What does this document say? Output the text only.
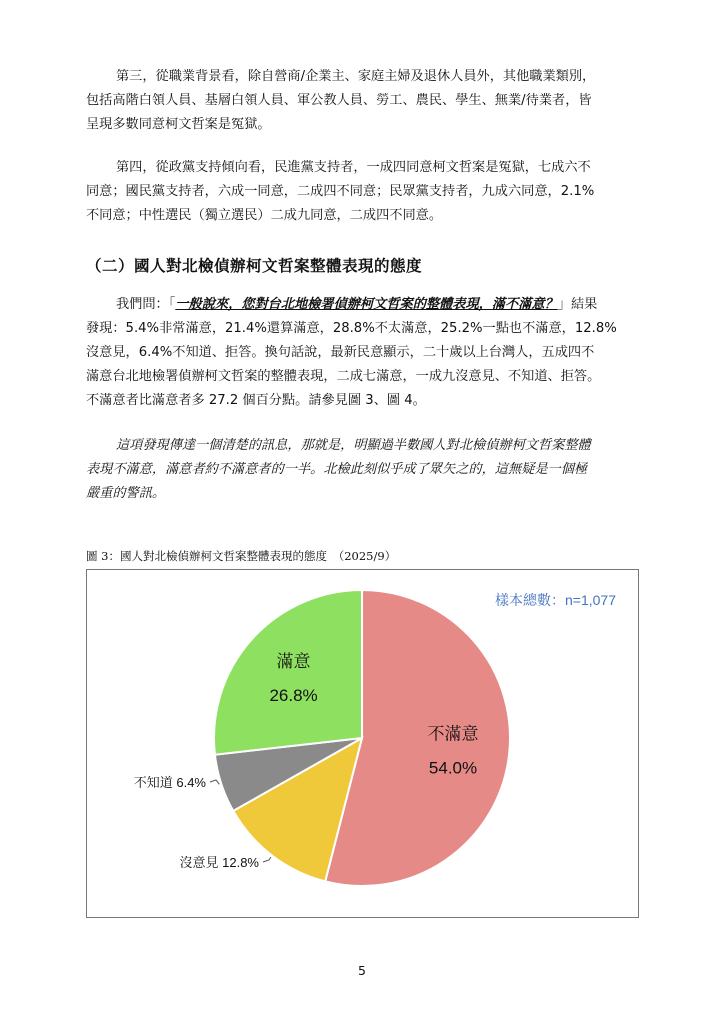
第三，從職業背景看，除自營商/企業主、家庭主婦及退休人員外，其他職業類別，
包括高階白領人員、基層白領人員、軍公教人員、勞工、農民、學生、無業/待業者，皆
呈現多數同意柯文哲案是冤獄。
第四，從政黨支持傾向看，民進黨支持者，一成四同意柯文哲案是冤獄，七成六不
同意；國民黨支持者，六成一同意，二成四不同意；民眾黨支持者，九成六同意，2.1%
不同意；中性選民（獨立選民）二成九同意，二成四不同意。
（二）國人對北檢偵辦柯文哲案整體表現的態度
我們問：「一般說來，您對台北地檢署偵辦柯文哲案的整體表現，滿不滿意？」結果
發現：5.4%非常滿意，21.4%還算滿意，28.8%不太滿意，25.2%一點也不滿意，12.8%
沒意見，6.4%不知道、拒答。換句話說，最新民意顯示，二十歲以上台灣人，五成四不
滿意台北地檢署偵辦柯文哲案的整體表現，二成七滿意，一成九沒意見、不知道、拒答。
不滿意者比滿意者多 27.2 個百分點。請參見圖 3、圖 4。
這項發現傳達一個清楚的訊息，那就是，明顯過半數國人對北檢偵辦柯文哲案整體
表現不滿意，滿意者約不滿意者的一半。北檢此刻似乎成了眾矢之的，這無疑是一個極
嚴重的警訊。
圖 3：國人對北檢偵辦柯文哲案整體表現的態度　（2025/9）
不滿意
54.0%
滿意
26.8%
沒意見 12.8%
不知道 6.4%
樣本總數：n=1,077
5
